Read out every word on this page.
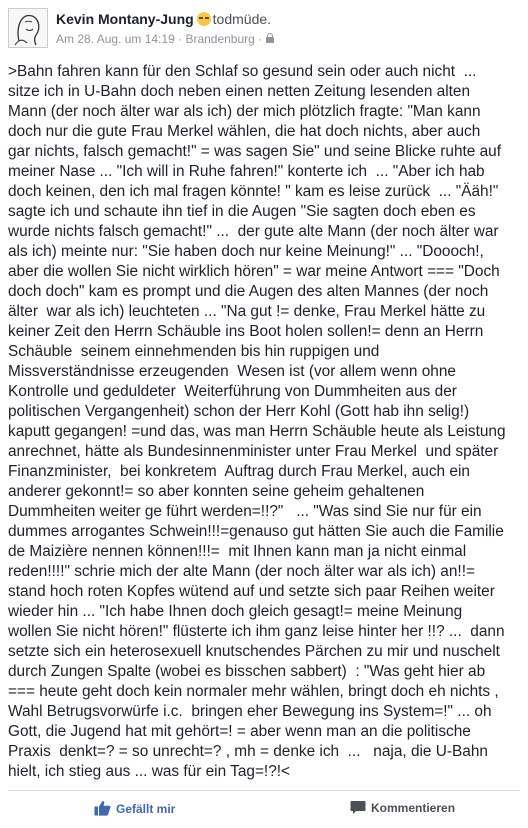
Kevin Montany-Jung todmüde.
Am 28. Aug. um 14:19 · Brandenburg ·
>Bahn fahren kann für den Schlaf so gesund sein oder auch nicht  ...
sitze ich in U-Bahn doch neben einen netten Zeitung lesenden alten
Mann (der noch älter war als ich) der mich plötzlich fragte: "Man kann
doch nur die gute Frau Merkel wählen, die hat doch nichts, aber auch
gar nichts, falsch gemacht!" = was sagen Sie" und seine Blicke ruhte auf
meiner Nase ... "Ich will in Ruhe fahren!" konterte ich  ... "Aber ich hab
doch keinen, den ich mal fragen könnte! " kam es leise zurück  ... "Ääh!"
sagte ich und schaute ihn tief in die Augen "Sie sagten doch eben es
wurde nichts falsch gemacht!" ...  der gute alte Mann (der noch älter war
als ich) meinte nur: "Sie haben doch nur keine Meinung!" ... "Doooch!,
aber die wollen Sie nicht wirklich hören" = war meine Antwort === "Doch
doch doch" kam es prompt und die Augen des alten Mannes (der noch
älter  war als ich) leuchteten ... "Na gut != denke, Frau Merkel hätte zu
keiner Zeit den Herrn Schäuble ins Boot holen sollen!= denn an Herrn
Schäuble  seinem einnehmenden bis hin ruppigen und
Missverständnisse erzeugenden  Wesen ist (vor allem wenn ohne
Kontrolle und geduldeter  Weiterführung von Dummheiten aus der
politischen Vergangenheit) schon der Herr Kohl (Gott hab ihn selig!)
kaputt gegangen! =und das, was man Herrn Schäuble heute als Leistung
anrechnet, hätte als Bundesinnenminister unter Frau Merkel  und später
Finanzminister,  bei konkretem  Auftrag durch Frau Merkel, auch ein
anderer gekonnt!= so aber konnten seine geheim gehaltenen
Dummheiten weiter ge führt werden=!!?"   ... "Was sind Sie nur für ein
dummes arrogantes Schwein!!!=genauso gut hätten Sie auch die Familie
de Maizière nennen können!!!=  mit Ihnen kann man ja nicht einmal
reden!!!!" schrie mich der alte Mann (der noch älter war als ich) an!!=
stand hoch roten Kopfes wütend auf und setzte sich paar Reihen weiter
wieder hin ... "Ich habe Ihnen doch gleich gesagt!= meine Meinung
wollen Sie nicht hören!" flüsterte ich ihm ganz leise hinter her !!? ...  dann
setzte sich ein heterosexuell knutschendes Pärchen zu mir und nuschelt
durch Zungen Spalte (wobei es bisschen sabbert)  : "Was geht hier ab
=== heute geht doch kein normaler mehr wählen, bringt doch eh nichts ,
Wahl Betrugsvorwürfe i.c.  bringen eher Bewegung ins System=!" ... oh
Gott, die Jugend hat mit gehört=! = aber wenn man an die politische
Praxis  denkt=? = so unrecht=? , mh = denke ich  ...   naja, die U-Bahn
hielt, ich stieg aus ... was für ein Tag=!?!<
Gefällt mir	Kommentieren
